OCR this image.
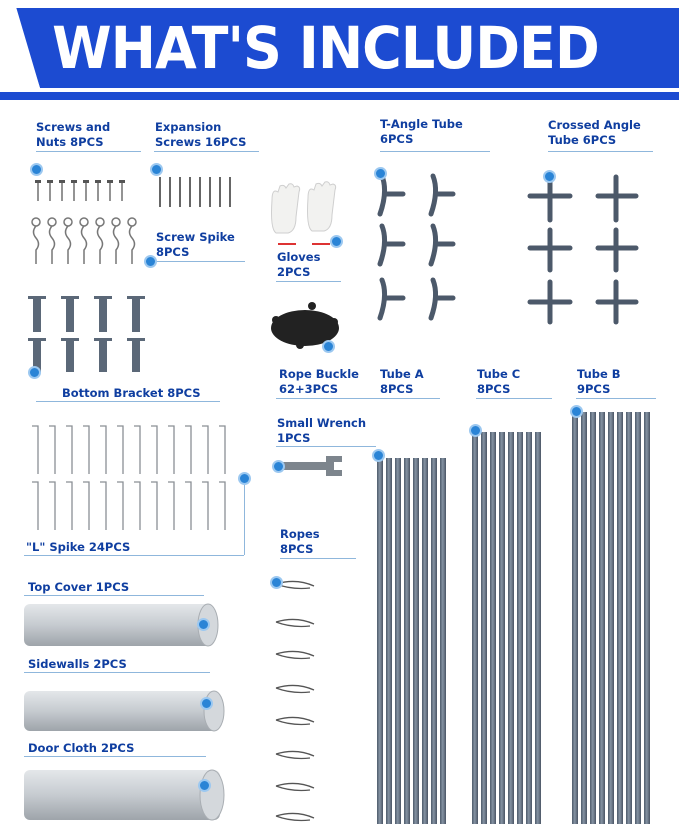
WHAT'S INCLUDED
Screws and
Nuts 8PCS
Expansion
Screws 16PCS
T-Angle Tube
6PCS
Crossed Angle
Tube 6PCS
Screw Spike
8PCS	Gloves
2PCS
Bottom Bracket 8PCS
Rope Buckle
62+3PCS
Small Wrench
1PCS
"L" Spike 24PCS
Ropes
8PCS
Top Cover 1PCS
Sidewalls 2PCS
Door Cloth 2PCS
Tube A
8PCS
Tube C
8PCS
Tube B
9PCS
